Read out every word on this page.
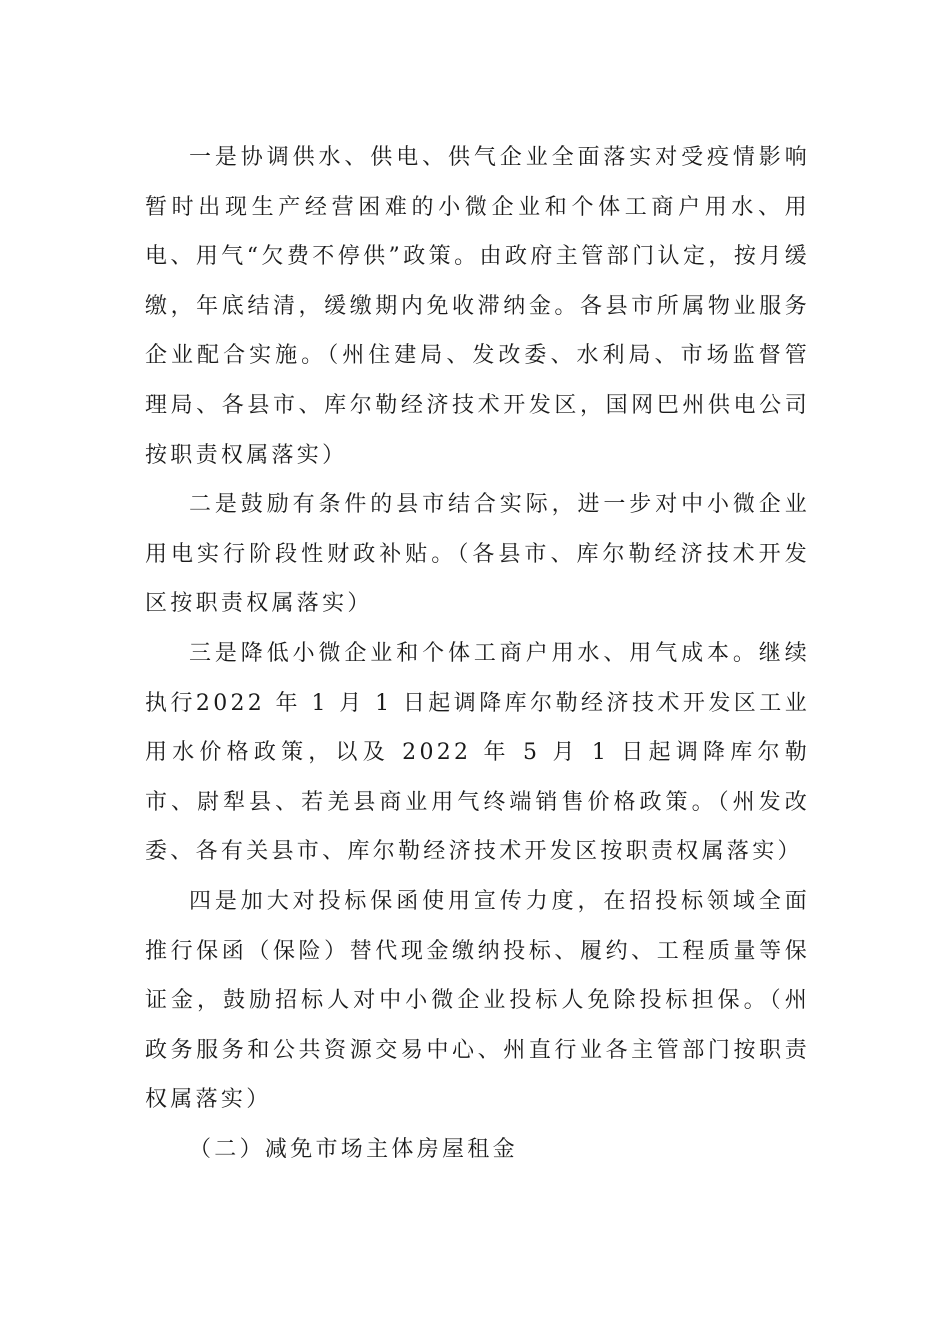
一是协调供水、供电、供气企业全面落实对受疫情影响暂时出现生产经营困难的小微企业和个体工商户用水、用电、用气“欠费不停供”政策。由政府主管部门认定，按月缓缴，年底结清，缓缴期内免收滞纳金。各县市所属物业服务企业配合实施。（州住建局、发改委、水利局、市场监督管理局、各县市、库尔勒经济技术开发区，国网巴州供电公司按职责权属落实）

二是鼓励有条件的县市结合实际，进一步对中小微企业用电实行阶段性财政补贴。（各县市、库尔勒经济技术开发区按职责权属落实）

三是降低小微企业和个体工商户用水、用气成本。继续执行2022 年 1 月 1 日起调降库尔勒经济技术开发区工业用水价格政策，以及 2022 年 5 月 1 日起调降库尔勒市、尉犁县、若羌县商业用气终端销售价格政策。（州发改委、各有关县市、库尔勒经济技术开发区按职责权属落实）

四是加大对投标保函使用宣传力度，在招投标领域全面推行保函（保险）替代现金缴纳投标、履约、工程质量等保证金，鼓励招标人对中小微企业投标人免除投标担保。（州政务服务和公共资源交易中心、州直行业各主管部门按职责权属落实）

（二）减免市场主体房屋租金
